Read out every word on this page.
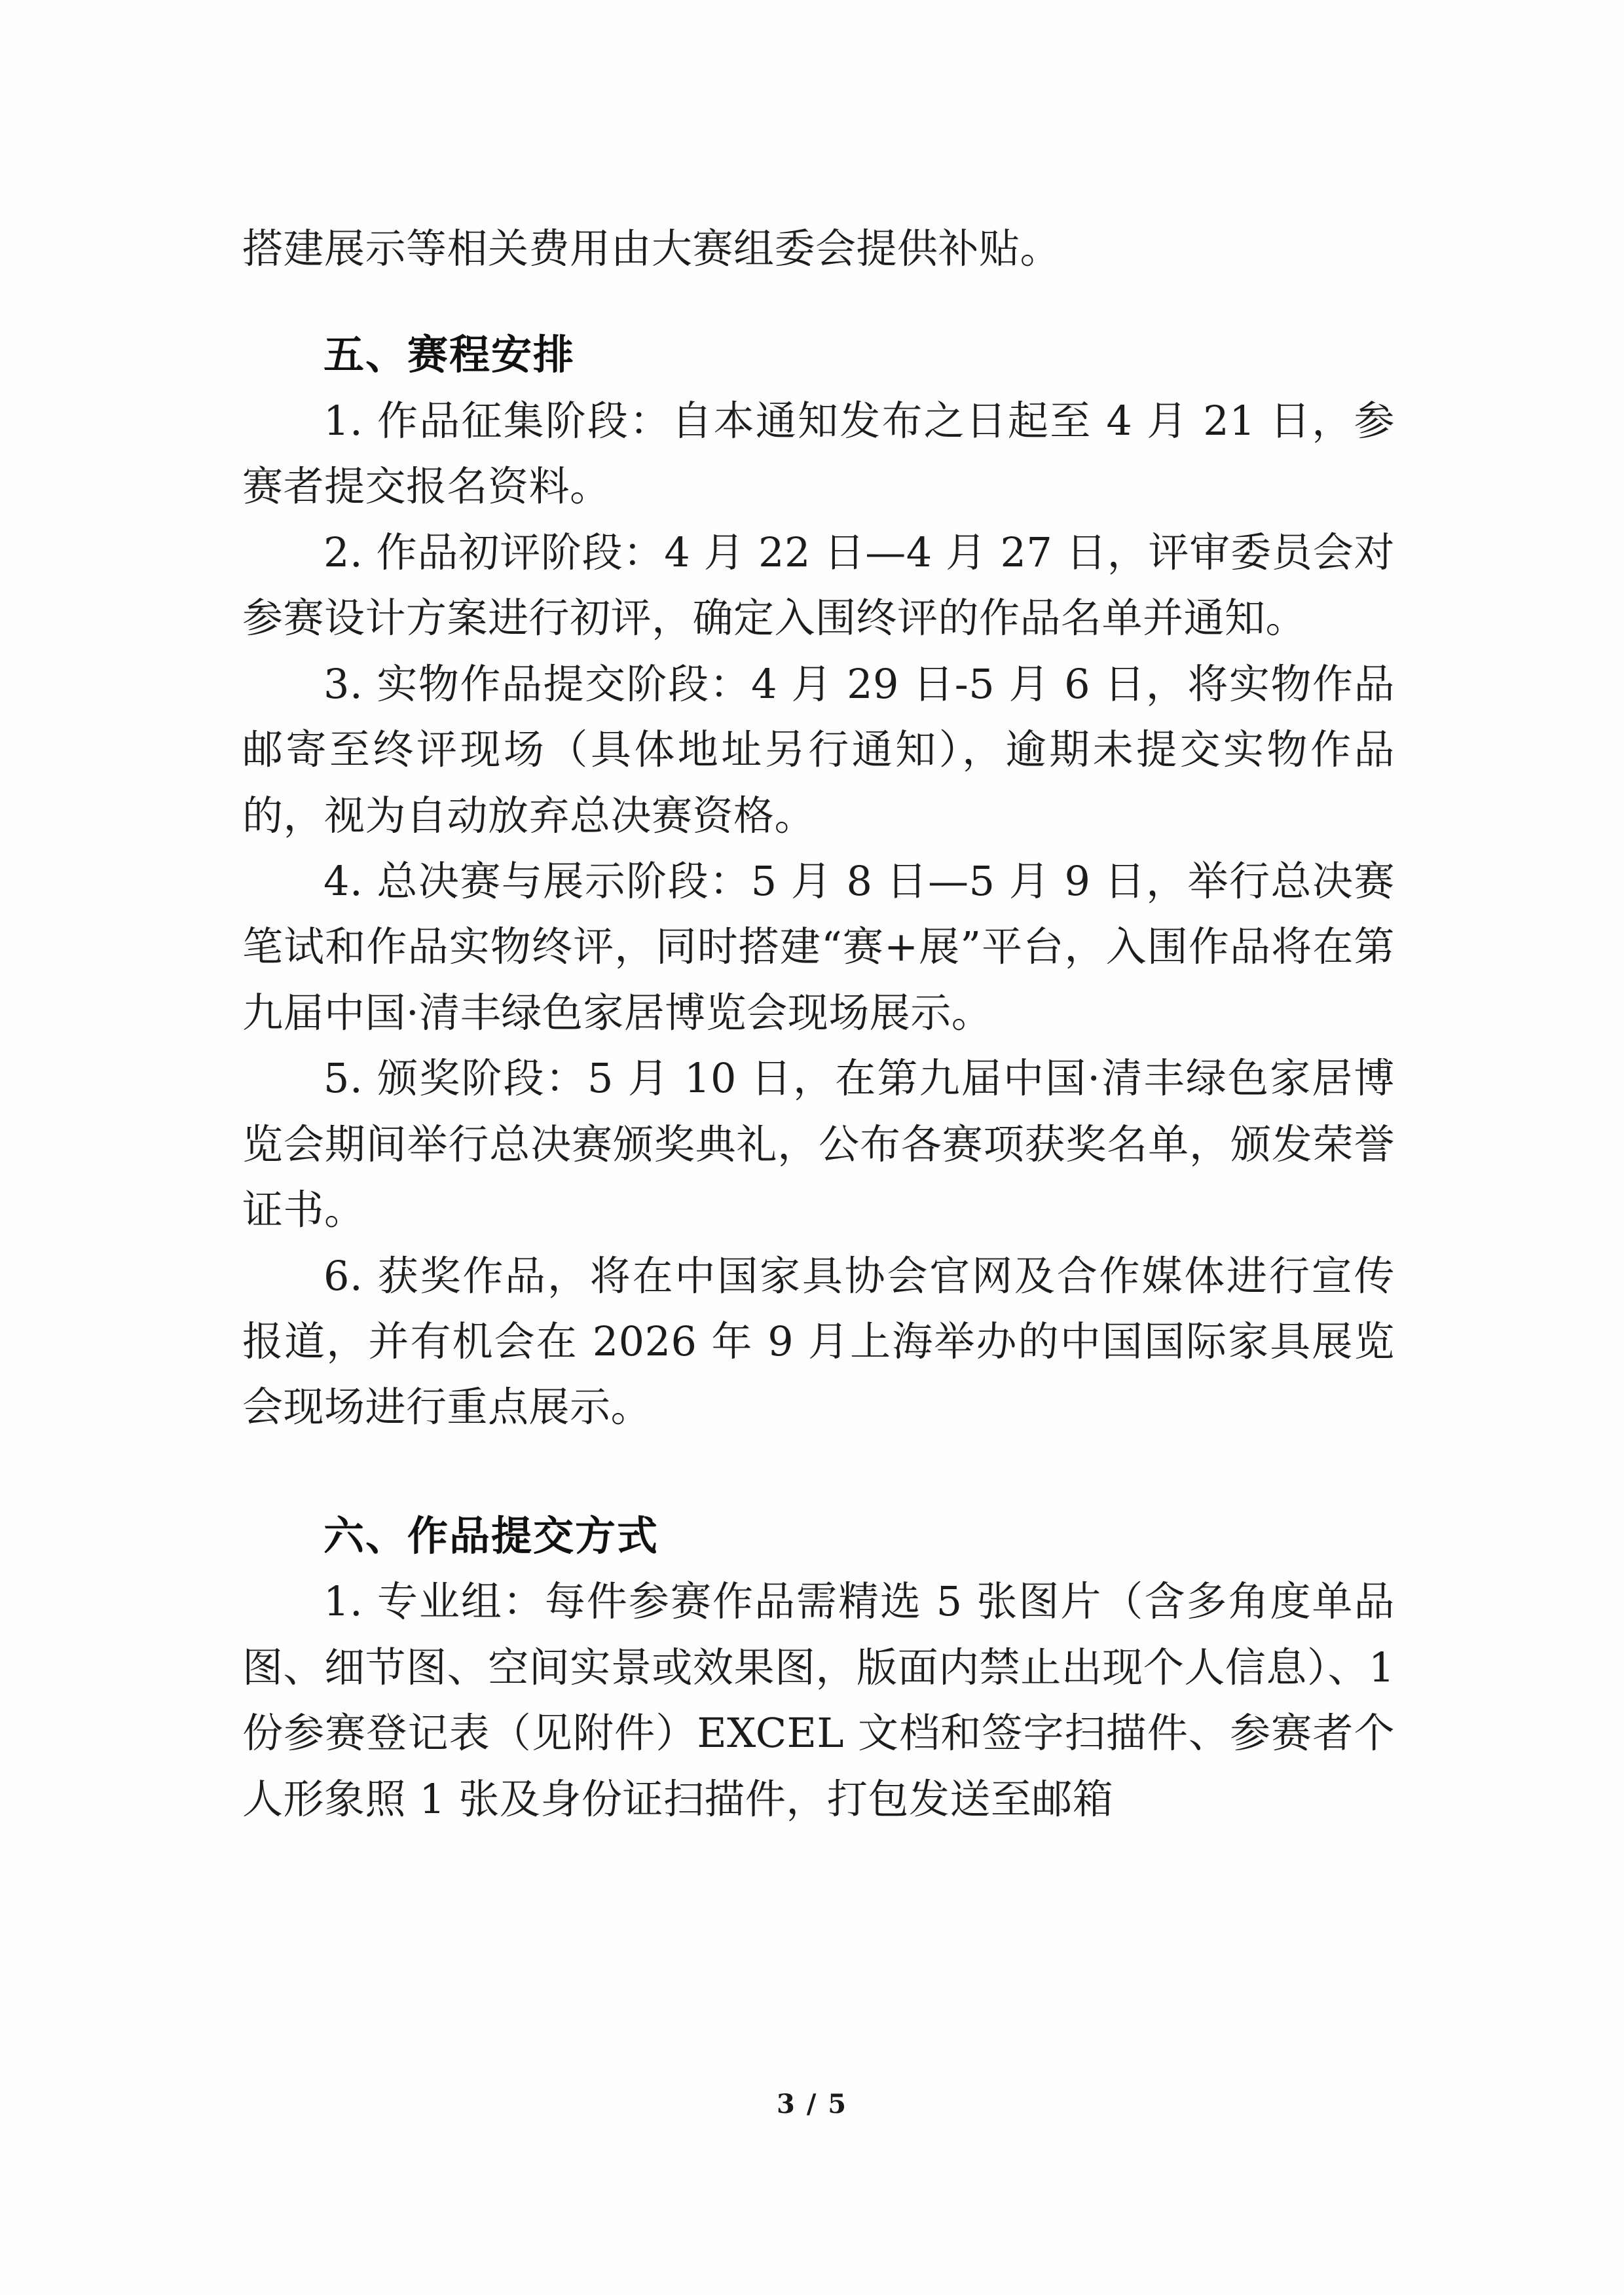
搭建展示等相关费用由大赛组委会提供补贴。

五、赛程安排

1. 作品征集阶段：自本通知发布之日起至 4 月 21 日，参赛者提交报名资料。

2. 作品初评阶段：4 月 22 日—4 月 27 日，评审委员会对参赛设计方案进行初评，确定入围终评的作品名单并通知。

3. 实物作品提交阶段：4 月 29 日-5 月 6 日，将实物作品邮寄至终评现场（具体地址另行通知），逾期未提交实物作品的，视为自动放弃总决赛资格。

4. 总决赛与展示阶段：5 月 8 日—5 月 9 日，举行总决赛笔试和作品实物终评，同时搭建“赛+展”平台，入围作品将在第九届中国·清丰绿色家居博览会现场展示。

5. 颁奖阶段：5 月 10 日，在第九届中国·清丰绿色家居博览会期间举行总决赛颁奖典礼，公布各赛项获奖名单，颁发荣誉证书。

6. 获奖作品，将在中国家具协会官网及合作媒体进行宣传报道，并有机会在 2026 年 9 月上海举办的中国国际家具展览会现场进行重点展示。

六、作品提交方式

1. 专业组：每件参赛作品需精选 5 张图片（含多角度单品图、细节图、空间实景或效果图，版面内禁止出现个人信息）、1 份参赛登记表（见附件）EXCEL 文档和签字扫描件、参赛者个人形象照 1 张及身份证扫描件，打包发送至邮箱

3 / 5
